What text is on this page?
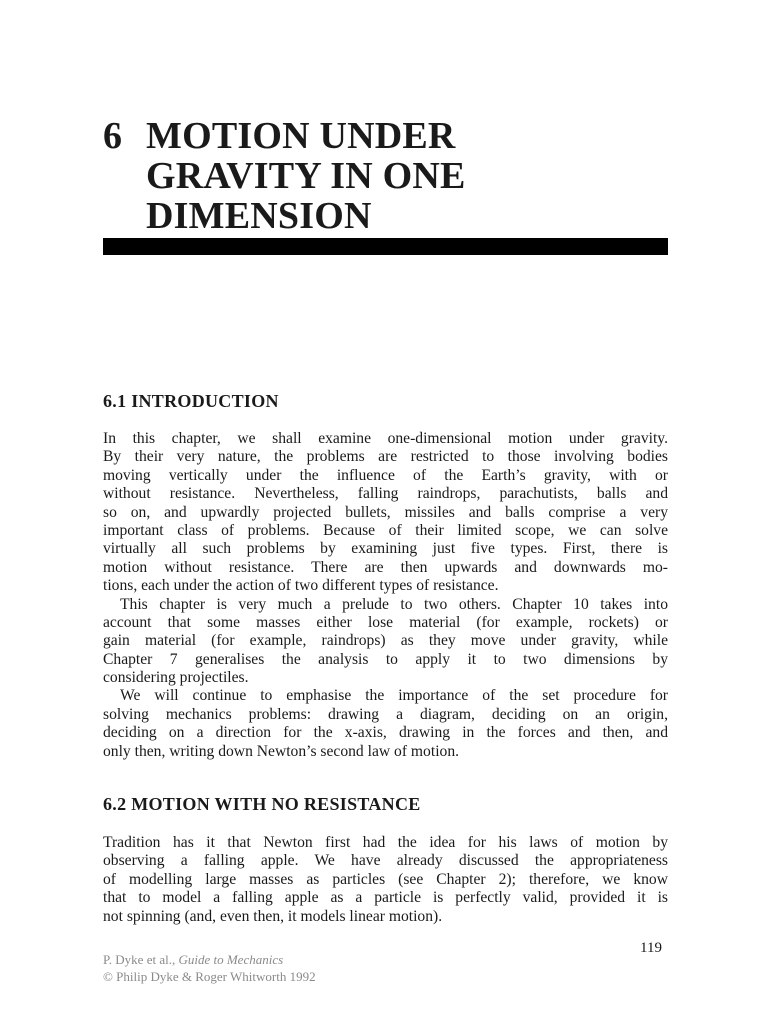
6 MOTION UNDER
GRAVITY IN ONE
DIMENSION
6.1 INTRODUCTION
In this chapter, we shall examine one-dimensional motion under gravity.
By their very nature, the problems are restricted to those involving bodies
moving vertically under the influence of the Earth’s gravity, with or
without resistance. Nevertheless, falling raindrops, parachutists, balls and
so on, and upwardly projected bullets, missiles and balls comprise a very
important class of problems. Because of their limited scope, we can solve
virtually all such problems by examining just five types. First, there is
motion without resistance. There are then upwards and downwards mo-
tions, each under the action of two different types of resistance.
This chapter is very much a prelude to two others. Chapter 10 takes into
account that some masses either lose material (for example, rockets) or
gain material (for example, raindrops) as they move under gravity, while
Chapter 7 generalises the analysis to apply it to two dimensions by
considering projectiles.
We will continue to emphasise the importance of the set procedure for
solving mechanics problems: drawing a diagram, deciding on an origin,
deciding on a direction for the x-axis, drawing in the forces and then, and
only then, writing down Newton’s second law of motion.
6.2 MOTION WITH NO RESISTANCE
Tradition has it that Newton first had the idea for his laws of motion by
observing a falling apple. We have already discussed the appropriateness
of modelling large masses as particles (see Chapter 2); therefore, we know
that to model a falling apple as a particle is perfectly valid, provided it is
not spinning (and, even then, it models linear motion).
119
P. Dyke et al., Guide to Mechanics
© Philip Dyke & Roger Whitworth 1992
